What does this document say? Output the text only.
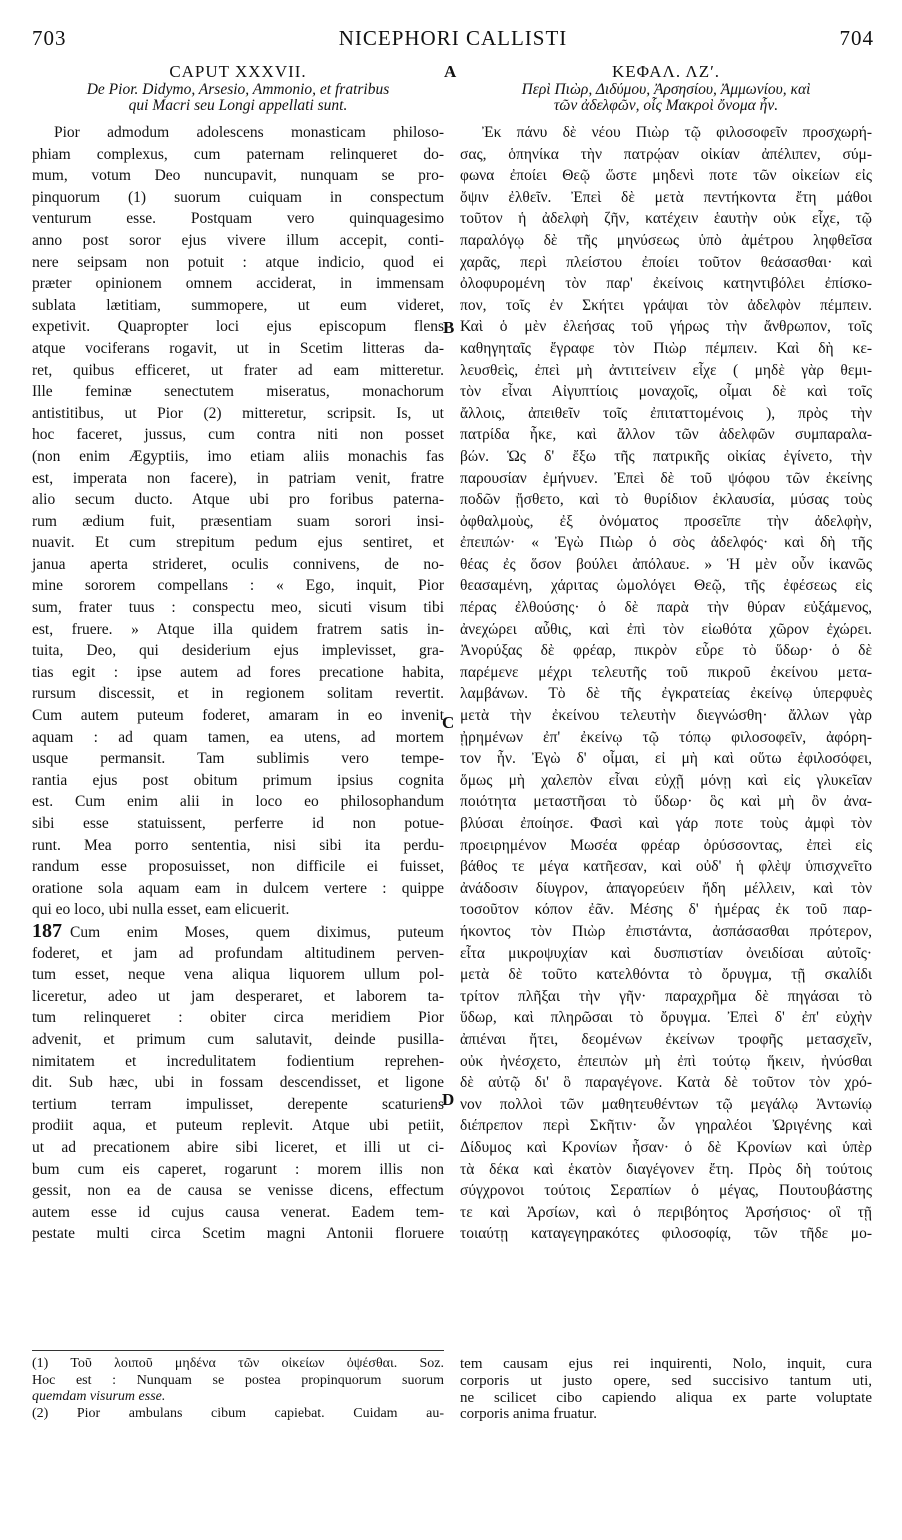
703	NICEPHORI CALLISTI	704
A
B
C
D
CAPUT XXXVII.
De Pior. Didymo, Arsesio, Ammonio, et fratribus
qui Macri seu Longi appellati sunt.
Pior admodum adolescens monasticam philoso-
phiam complexus, cum paternam relinqueret do-
mum, votum Deo nuncupavit, nunquam se pro-
pinquorum (1) suorum cuiquam in conspectum
venturum esse. Postquam vero quinquagesimo
anno post soror ejus vivere illum accepit, conti-
nere seipsam non potuit : atque indicio, quod ei
præter opinionem omnem acciderat, in immensam
sublata lætitiam, summopere, ut eum videret,
expetivit. Quapropter loci ejus episcopum flens
atque vociferans rogavit, ut in Scetim litteras da-
ret, quibus efficeret, ut frater ad eam mitteretur.
Ille feminæ senectutem miseratus, monachorum
antistitibus, ut Pior (2) mitteretur, scripsit. Is, ut
hoc faceret, jussus, cum contra niti non posset
(non enim Ægyptiis, imo etiam aliis monachis fas
est, imperata non facere), in patriam venit, fratre
alio secum ducto. Atque ubi pro foribus paterna-
rum ædium fuit, præsentiam suam sorori insi-
nuavit. Et cum strepitum pedum ejus sentiret, et
janua aperta strideret, oculis connivens, de no-
mine sororem compellans : « Ego, inquit, Pior
sum, frater tuus : conspectu meo, sicuti visum tibi
est, fruere. » Atque illa quidem fratrem satis in-
tuita, Deo, qui desiderium ejus implevisset, gra-
tias egit : ipse autem ad fores precatione habita,
rursum discessit, et in regionem solitam revertit.
Cum autem puteum foderet, amaram in eo invenit
aquam : ad quam tamen, ea utens, ad mortem
usque permansit. Tam sublimis vero tempe-
rantia ejus post obitum primum ipsius cognita
est. Cum enim alii in loco eo philosophandum
sibi esse statuissent, perferre id non potue-
runt. Mea porro sententia, nisi sibi ita perdu-
randum esse proposuisset, non difficile ei fuisset,
oratione sola aquam eam in dulcem vertere : quippe
qui eo loco, ubi nulla esset, eam elicuerit.
187 Cum enim Moses, quem diximus, puteum
foderet, et jam ad profundam altitudinem perven-
tum esset, neque vena aliqua liquorem ullum pol-
liceretur, adeo ut jam desperaret, et laborem ta-
tum relinqueret : obiter circa meridiem Pior
advenit, et primum cum salutavit, deinde pusilla-
nimitatem et incredulitatem fodientium reprehen-
dit. Sub hæc, ubi in fossam descendisset, et ligone
tertium terram impulisset, derepente scaturiens
prodiit aqua, et puteum replevit. Atque ubi petiit,
ut ad precationem abire sibi liceret, et illi ut ci-
bum cum eis caperet, rogarunt : morem illis non
gessit, non ea de causa se venisse dicens, effectum
autem esse id cujus causa venerat. Eadem tem-
pestate multi circa Scetim magni Antonii floruere
ΚΕΦΑΛ. ΛΖʹ.
Περὶ Πιὼρ, Διδύμου, Ἀρσησίου, Ἀμμωνίου, καὶ
τῶν ἀδελφῶν, οἷς Μακροὶ ὄνομα ἦν.
Ἐκ πάνυ δὲ νέου Πιὼρ τῷ φιλοσοφεῖν προσχωρή-
σας, ὁπηνίκα τὴν πατρῴαν οἰκίαν ἀπέλιπεν, σύμ-
φωνα ἐποίει Θεῷ ὥστε μηδενὶ ποτε τῶν οἰκείων εἰς
ὄψιν ἐλθεῖν. Ἐπεὶ δὲ μετὰ πεντήκοντα ἔτη μάθοι
τοῦτον ἡ ἀδελφὴ ζῆν, κατέχειν ἑαυτὴν οὐκ εἶχε, τῷ
παραλόγῳ δὲ τῆς μηνύσεως ὑπὸ ἀμέτρου ληφθεῖσα
χαρᾶς, περὶ πλείστου ἐποίει τοῦτον θεάσασθαι· καὶ
ὀλοφυρομένη τὸν παρ' ἐκείνοις κατηντιβόλει ἐπίσκο-
πον, τοῖς ἐν Σκήτει γράψαι τὸν ἀδελφὸν πέμπειν.
Καὶ ὁ μὲν ἐλεήσας τοῦ γήρως τὴν ἄνθρωπον, τοῖς
καθηγηταῖς ἔγραφε τὸν Πιὼρ πέμπειν. Καὶ δὴ κε-
λευσθεὶς, ἐπεὶ μὴ ἀντιτείνειν εἶχε ( μηδὲ γὰρ θεμι-
τὸν εἶναι Αἰγυπτίοις μοναχοῖς, οἶμαι δὲ καὶ τοῖς
ἄλλοις, ἀπειθεῖν τοῖς ἐπιταττομένοις ), πρὸς τὴν
πατρίδα ἧκε, καὶ ἄλλον τῶν ἀδελφῶν συμπαραλα-
βών. Ὡς δ' ἔξω τῆς πατρικῆς οἰκίας ἐγίνετο, τὴν
παρουσίαν ἐμήνυεν. Ἐπεὶ δὲ τοῦ ψόφου τῶν ἐκείνης
ποδῶν ᾔσθετο, καὶ τὸ θυρίδιον ἐκλαυσία, μύσας τοὺς
ὀφθαλμοὺς, ἐξ ὀνόματος προσεῖπε τὴν ἀδελφὴν,
ἐπειπών· « Ἐγὼ Πιὼρ ὁ σὸς ἀδελφός· καὶ δὴ τῆς
θέας ἐς ὅσον βούλει ἀπόλαυε. » Ἡ μὲν οὖν ἱκανῶς
θεασαμένη, χάριτας ὡμολόγει Θεῷ, τῆς ἐφέσεως εἰς
πέρας ἐλθούσης· ὁ δὲ παρὰ τὴν θύραν εὐξάμενος,
ἀνεχώρει αὖθις, καὶ ἐπὶ τὸν εἰωθότα χῶρον ἐχώρει.
Ἀνορύξας δὲ φρέαρ, πικρὸν εὗρε τὸ ὕδωρ· ὁ δὲ
παρέμενε μέχρι τελευτῆς τοῦ πικροῦ ἐκείνου μετα-
λαμβάνων. Τὸ δὲ τῆς ἐγκρατείας ἐκείνῳ ὑπερφυὲς
μετὰ τὴν ἐκείνου τελευτὴν διεγνώσθη· ἄλλων γὰρ
ᾐρημένων ἐπ' ἐκείνῳ τῷ τόπῳ φιλοσοφεῖν, ἀφόρη-
τον ἦν. Ἐγὼ δ' οἶμαι, εἰ μὴ καὶ οὕτω ἐφιλοσόφει,
ὅμως μὴ χαλεπὸν εἶναι εὐχῇ μόνῃ καὶ εἰς γλυκεῖαν
ποιότητα μεταστῆσαι τὸ ὕδωρ· ὃς καὶ μὴ ὂν ἀνα-
βλύσαι ἐποίησε. Φασὶ καὶ γάρ ποτε τοὺς ἀμφὶ τὸν
προειρημένον Μωσέα φρέαρ ὀρύσσοντας, ἐπεὶ εἰς
βάθος τε μέγα κατῆεσαν, καὶ οὐδ' ἡ φλὲψ ὑπισχνεῖτο
ἀνάδοσιν δίυγρον, ἀπαγορεύειν ἤδη μέλλειν, καὶ τὸν
τοσοῦτον κόπον ἐᾶν. Μέσης δ' ἡμέρας ἐκ τοῦ παρ-
ήκοντος τὸν Πιὼρ ἐπιστάντα, ἀσπάσασθαι πρότερον,
εἶτα μικροψυχίαν καὶ δυσπιστίαν ὀνειδίσαι αὐτοῖς·
μετὰ δὲ τοῦτο κατελθόντα τὸ ὄρυγμα, τῇ σκαλίδι
τρίτον πλῆξαι τὴν γῆν· παραχρῆμα δὲ πηγάσαι τὸ
ὕδωρ, καὶ πληρῶσαι τὸ ὄρυγμα. Ἐπεὶ δ' ἐπ' εὐχὴν
ἀπιέναι ἤτει, δεομένων ἐκείνων τροφῆς μετασχεῖν,
οὐκ ἠνέσχετο, ἐπειπὼν μὴ ἐπὶ τούτῳ ἥκειν, ἠνύσθαι
δὲ αὐτῷ δι' ὃ παραγέγονε. Κατὰ δὲ τοῦτον τὸν χρό-
νον πολλοὶ τῶν μαθητευθέντων τῷ μεγάλῳ Ἀντωνίῳ
διέπρεπον περὶ Σκῆτιν· ὧν γηραλέοι Ὠριγένης καὶ
Δίδυμος καὶ Κρονίων ἦσαν· ὁ δὲ Κρονίων καὶ ὑπὲρ
τὰ δέκα καὶ ἑκατὸν διαγέγονεν ἔτη. Πρὸς δὴ τούτοις
σύγχρονοι τούτοις Σεραπίων ὁ μέγας, Πουτουβάστης
τε καὶ Ἀρσίων, καὶ ὁ περιβόητος Ἀρσήσιος· οἳ τῇ
τοιαύτῃ καταγεγηρακότες φιλοσοφίᾳ, τῶν τῆδε μο-
(1) Τοῦ λοιποῦ μηδένα τῶν οἰκείων ὀψέσθαι. Soz.
Hoc est : Nunquam se postea propinquorum suorum
quemdam visurum esse.
(2) Pior ambulans cibum capiebat. Cuidam au-
tem causam ejus rei inquirenti, Nolo, inquit, cura
corporis ut justo opere, sed succisivo tantum uti,
ne scilicet cibo capiendo aliqua ex parte voluptate
corporis anima fruatur.
